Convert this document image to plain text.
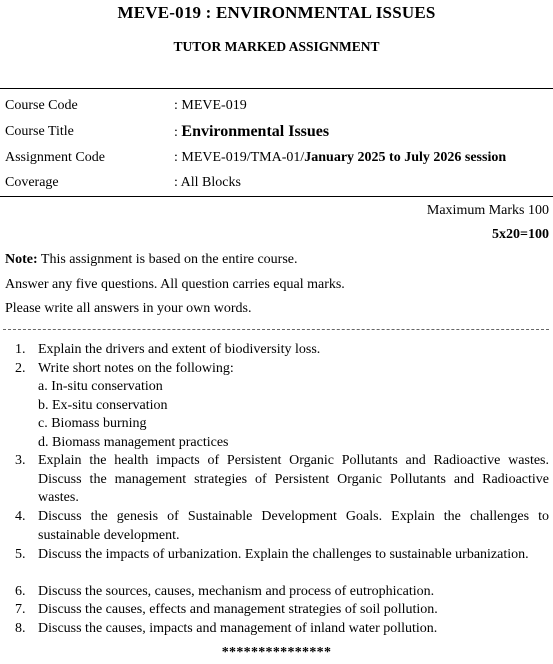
MEVE-019 : ENVIRONMENTAL ISSUES
TUTOR MARKED ASSIGNMENT
Course Code	: MEVE-019
Course Title	: Environmental Issues
Assignment Code	: MEVE-019/TMA-01/January 2025 to July 2026 session
Coverage	: All Blocks
Maximum Marks 100
5x20=100
Note: This assignment is based on the entire course.
Answer any five questions. All question carries equal marks.
Please write all answers in your own words.
1. Explain the drivers and extent of biodiversity loss.
2. Write short notes on the following:
a. In-situ conservation
b. Ex-situ conservation
c. Biomass burning
d. Biomass management practices
3. Explain the health impacts of Persistent Organic Pollutants and Radioactive wastes. Discuss the management strategies of Persistent Organic Pollutants and Radioactive wastes.
4. Discuss the genesis of Sustainable Development Goals. Explain the challenges to sustainable development.
5. Discuss the impacts of urbanization. Explain the challenges to sustainable urbanization.
6. Discuss the sources, causes, mechanism and process of eutrophication.
7. Discuss the causes, effects and management strategies of soil pollution.
8. Discuss the causes, impacts and management of inland water pollution.
***************
